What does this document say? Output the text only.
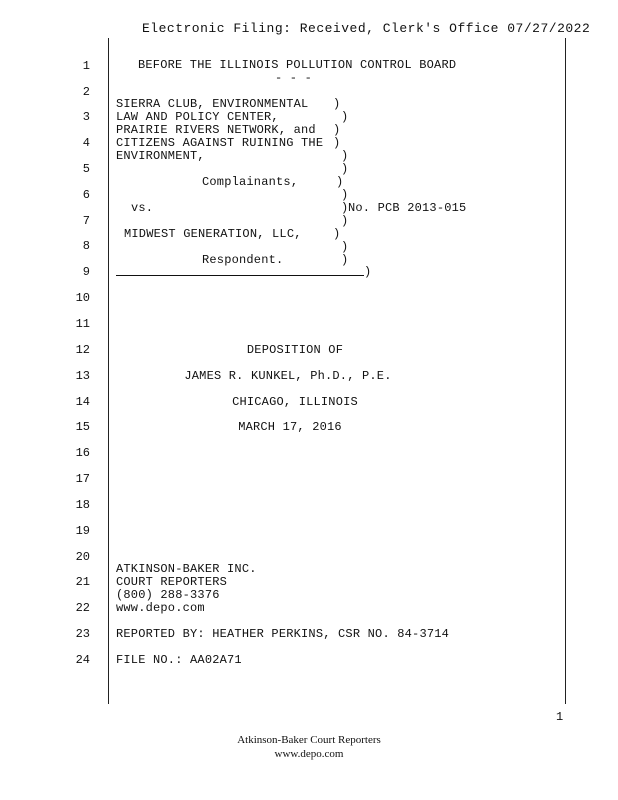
Electronic Filing: Received, Clerk's Office 07/27/2022
1
2
3
4
5
6
7
8
9
10
11
12
13
14
15
16
17
18
19
20
21
22
23
24
BEFORE THE ILLINOIS POLLUTION CONTROL BOARD
- - -
SIERRA CLUB, ENVIRONMENTAL
LAW AND POLICY CENTER,
PRAIRIE RIVERS NETWORK, and
CITIZENS AGAINST RUINING THE
ENVIRONMENT,
Complainants,
vs.	No. PCB 2013-015
MIDWEST GENERATION, LLC,
Respondent.
)
)
)
)
)
)
)
)
)
)
)
)
)
)
DEPOSITION OF
JAMES R. KUNKEL, Ph.D., P.E.
CHICAGO, ILLINOIS
MARCH 17, 2016
ATKINSON-BAKER INC.
COURT REPORTERS
(800) 288-3376
www.depo.com
REPORTED BY: HEATHER PERKINS, CSR NO. 84-3714
FILE NO.: AA02A71
1
Atkinson-Baker Court Reporters
www.depo.com
